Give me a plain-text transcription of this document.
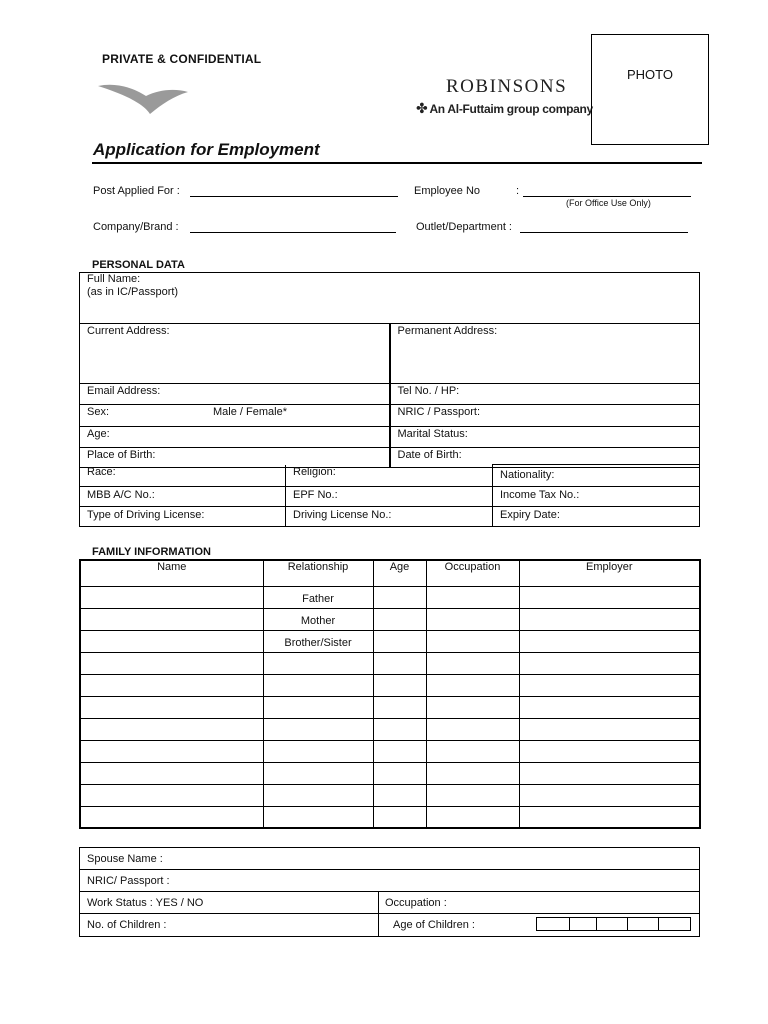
PRIVATE & CONFIDENTIAL
ROBINSONS
✤ An Al-Futtaim group company
PHOTO
Application for Employment
Post Applied For :	Employee No	:
(For Office Use Only)
Company/Brand :	Outlet/Department :
PERSONAL DATA
Full Name:
(as in IC/Passport)	

Current Address:	Permanent Address:
Email Address:	Tel No. / HP:
Sex: Male / Female*	NRIC / Passport:
Age:	Marital Status:
Place of Birth:	Date of Birth:
Race:	Religion:	Nationality:
MBB A/C No.:	EPF No.:	Income Tax No.:
Type of Driving License:	Driving License No.:	Expiry Date:
FAMILY INFORMATION
Name	Relationship	Age	Occupation	Employer
	Father			
	Mother			
	Brother/Sister			

Spouse Name :	
NRIC/ Passport :	
Work Status : YES / NO	Occupation :
No. of Children :	Age of Children :
